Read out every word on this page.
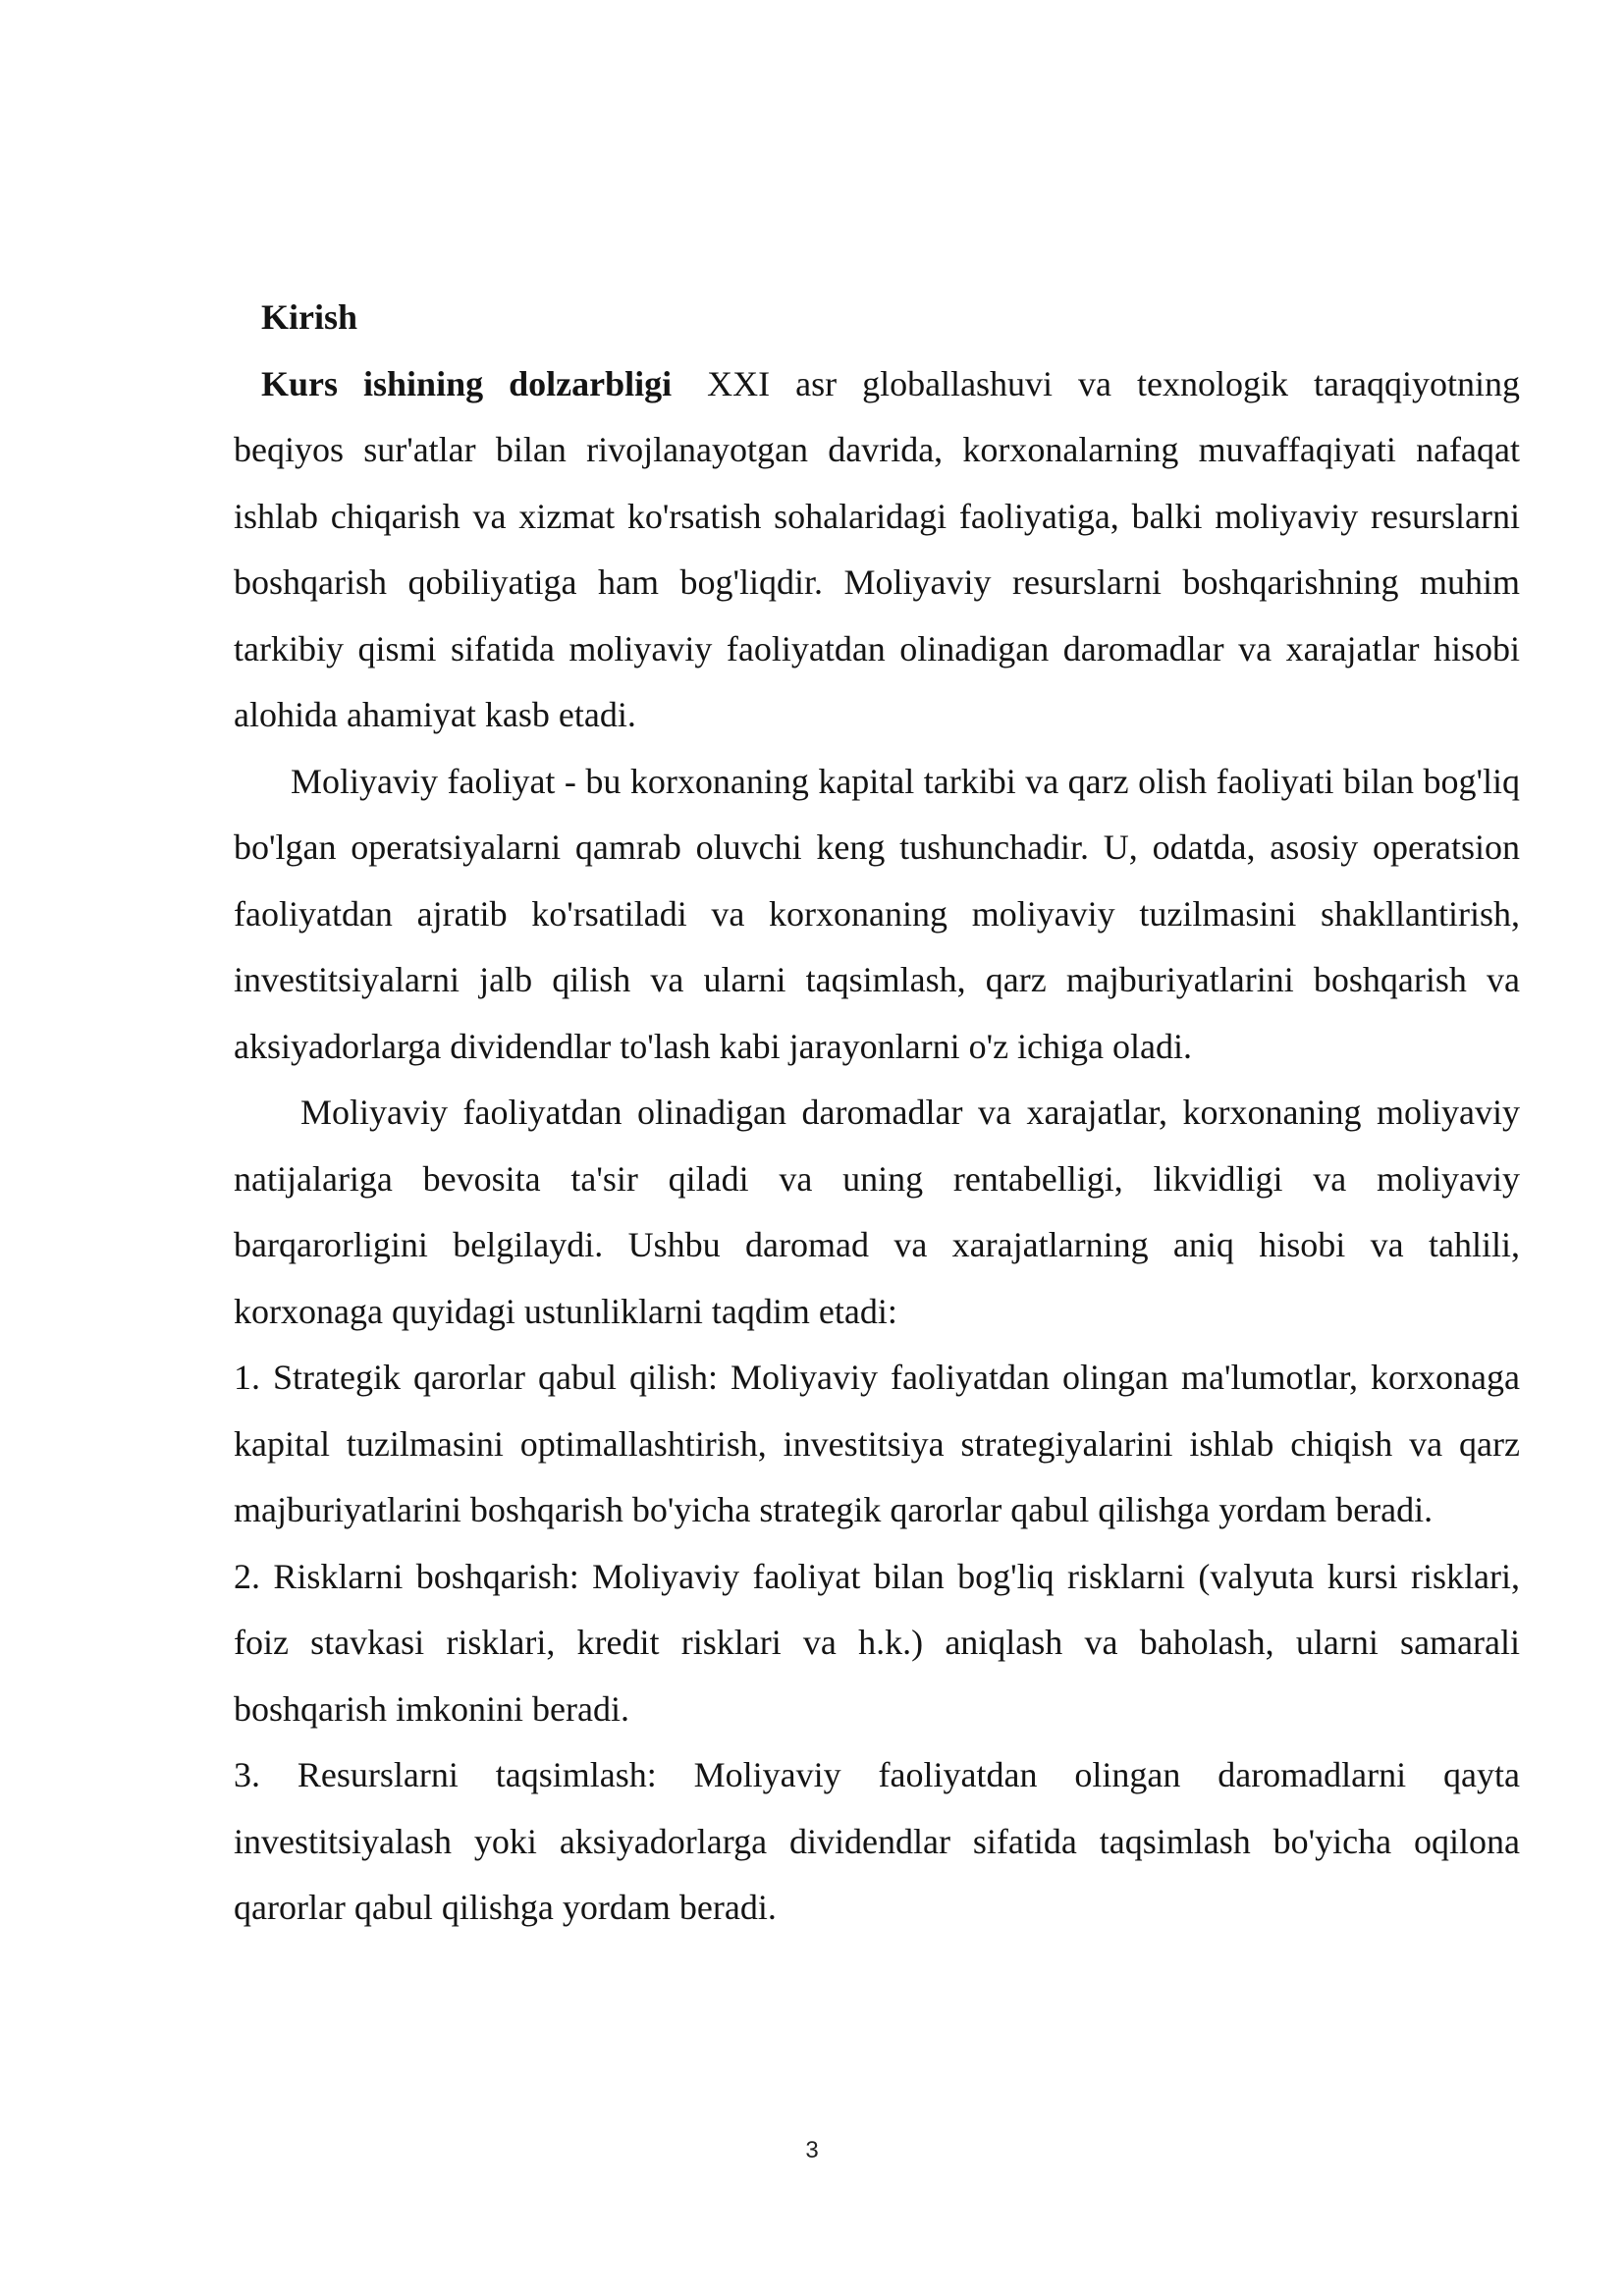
Kirish

Kurs ishining dolzarbligi XXI asr globallashuvi va texnologik taraqqiyotning beqiyos sur'atlar bilan rivojlanayotgan davrida, korxonalarning muvaffaqiyati nafaqat ishlab chiqarish va xizmat ko'rsatish sohalaridagi faoliyatiga, balki moliyaviy resurslarni boshqarish qobiliyatiga ham bog'liqdir. Moliyaviy resurslarni boshqarishning muhim tarkibiy qismi sifatida moliyaviy faoliyatdan olinadigan daromadlar va xarajatlar hisobi alohida ahamiyat kasb etadi.

Moliyaviy faoliyat - bu korxonaning kapital tarkibi va qarz olish faoliyati bilan bog'liq bo'lgan operatsiyalarni qamrab oluvchi keng tushunchadir. U, odatda, asosiy operatsion faoliyatdan ajratib ko'rsatiladi va korxonaning moliyaviy tuzilmasini shakllantirish, investitsiyalarni jalb qilish va ularni taqsimlash, qarz majburiyatlarini boshqarish va aksiyadorlarga dividendlar to'lash kabi jarayonlarni o'z ichiga oladi.

Moliyaviy faoliyatdan olinadigan daromadlar va xarajatlar, korxonaning moliyaviy natijalariga bevosita ta'sir qiladi va uning rentabelligi, likvidligi va moliyaviy barqarorligini belgilaydi. Ushbu daromad va xarajatlarning aniq hisobi va tahlili, korxonaga quyidagi ustunliklarni taqdim etadi:

1. Strategik qarorlar qabul qilish: Moliyaviy faoliyatdan olingan ma'lumotlar, korxonaga kapital tuzilmasini optimallashtirish, investitsiya strategiyalarini ishlab chiqish va qarz majburiyatlarini boshqarish bo'yicha strategik qarorlar qabul qilishga yordam beradi.

2. Risklarni boshqarish: Moliyaviy faoliyat bilan bog'liq risklarni (valyuta kursi risklari, foiz stavkasi risklari, kredit risklari va h.k.) aniqlash va baholash, ularni samarali boshqarish imkonini beradi.

3. Resurslarni taqsimlash: Moliyaviy faoliyatdan olingan daromadlarni qayta investitsiyalash yoki aksiyadorlarga dividendlar sifatida taqsimlash bo'yicha oqilona qarorlar qabul qilishga yordam beradi.

3
